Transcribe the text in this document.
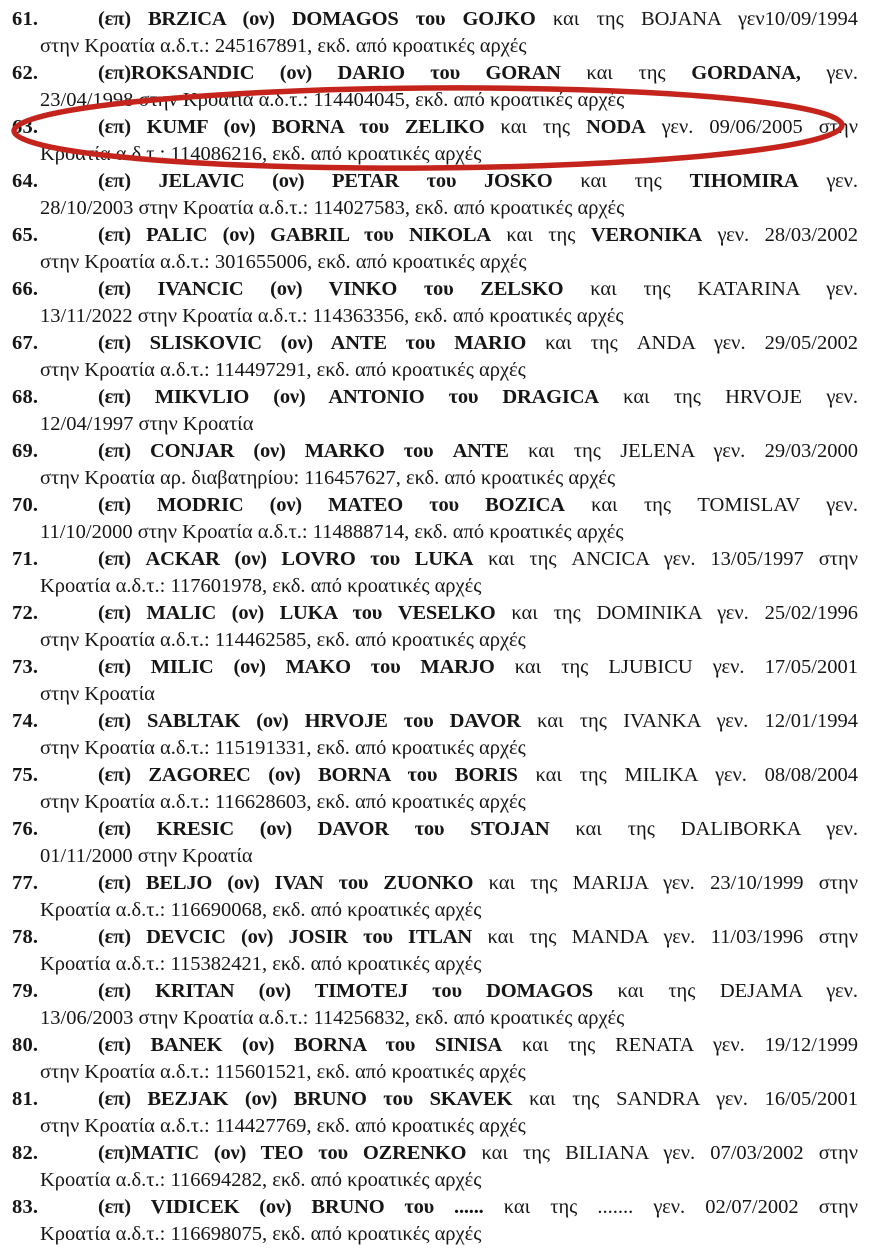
61.	(επ) BRZICA (ον) DOMAGOS του GOJKO και της BOJANA γεν10/09/1994
στην Κροατία α.δ.τ.: 245167891, εκδ. από κροατικές αρχές
62.	(επ)ROKSANDIC (ον) DARIO του GORAN και της GORDANA, γεν.
23/04/1998 στην Κροατία α.δ.τ.: 114404045, εκδ. από κροατικές αρχές
63.	(επ) KUMF (ον) BORNA του ZELIKO και της NODA γεν. 09/06/2005 στην
Κροατία α.δ.τ.: 114086216, εκδ. από κροατικές αρχές
64.	(επ) JELAVIC (ον) PETAR του JOSKO και της TIHOMIRA γεν.
28/10/2003 στην Κροατία α.δ.τ.: 114027583, εκδ. από κροατικές αρχές
65.	(επ) PALIC (ον) GABRIL του NIKOLA και της VERONIKA γεν. 28/03/2002
στην Κροατία α.δ.τ.: 301655006, εκδ. από κροατικές αρχές
66.	(επ) IVANCIC (ον) VINKO του ZELSKO και της KATARINA γεν.
13/11/2022 στην Κροατία α.δ.τ.: 114363356, εκδ. από κροατικές αρχές
67.	(επ) SLISKOVIC (ον) ANTE του MARIO και της ANDA γεν. 29/05/2002
στην Κροατία α.δ.τ.: 114497291, εκδ. από κροατικές αρχές
68.	(επ) MIKVLIO (ον) ANTONIO του DRAGICA και της HRVOJE γεν.
12/04/1997 στην Κροατία
69.	(επ) CONJAR (ον) MARKO του ANTE και της JELENA γεν. 29/03/2000
στην Κροατία αρ. διαβατηρίου: 116457627, εκδ. από κροατικές αρχές
70.	(επ) MODRIC (ον) MATEO του BOZICA και της TOMISLAV γεν.
11/10/2000 στην Κροατία α.δ.τ.: 114888714, εκδ. από κροατικές αρχές
71.	(επ) ACKAR (ον) LOVRO του LUKA και της ANCICA γεν. 13/05/1997 στην
Κροατία α.δ.τ.: 117601978, εκδ. από κροατικές αρχές
72.	(επ) MALIC (ον) LUKA του VESELKO και της DOMINIKA γεν. 25/02/1996
στην Κροατία α.δ.τ.: 114462585, εκδ. από κροατικές αρχές
73.	(επ) MILIC (ον) MAKO του MARJO και της LJUBICU γεν. 17/05/2001
στην Κροατία
74.	(επ) SABLTAK (ον) HRVOJE του DAVOR και της IVANKA γεν. 12/01/1994
στην Κροατία α.δ.τ.: 115191331, εκδ. από κροατικές αρχές
75.	(επ) ZAGOREC (ον) BORNA του BORIS και της MILIKA γεν. 08/08/2004
στην Κροατία α.δ.τ.: 116628603, εκδ. από κροατικές αρχές
76.	(επ) KRESIC (ον) DAVOR του STOJAN και της DALIBORKA γεν.
01/11/2000 στην Κροατία
77.	(επ) BELJO (ον) IVAN του ZUONKO και της MARIJA γεν. 23/10/1999 στην
Κροατία α.δ.τ.: 116690068, εκδ. από κροατικές αρχές
78.	(επ) DEVCIC (ον) JOSIR του ITLAN και της MANDA γεν. 11/03/1996 στην
Κροατία α.δ.τ.: 115382421, εκδ. από κροατικές αρχές
79.	(επ) KRITAN (ον) TIMOTEJ του DOMAGOS και της DEJAMA γεν.
13/06/2003 στην Κροατία α.δ.τ.: 114256832, εκδ. από κροατικές αρχές
80.	(επ) BANEK (ον) BORNA του SINISA και της RENATA γεν. 19/12/1999
στην Κροατία α.δ.τ.: 115601521, εκδ. από κροατικές αρχές
81.	(επ) BEZJAK (ον) BRUNO του SKAVEK και της SANDRA γεν. 16/05/2001
στην Κροατία α.δ.τ.: 114427769, εκδ. από κροατικές αρχές
82.	(επ)MATIC (ον) TEO του OZRENKO και της BILIANA γεν. 07/03/2002 στην
Κροατία α.δ.τ.: 116694282, εκδ. από κροατικές αρχές
83.	(επ) VIDICEK (ον) BRUNO του ...... και της ....... γεν. 02/07/2002 στην
Κροατία α.δ.τ.: 116698075, εκδ. από κροατικές αρχές
